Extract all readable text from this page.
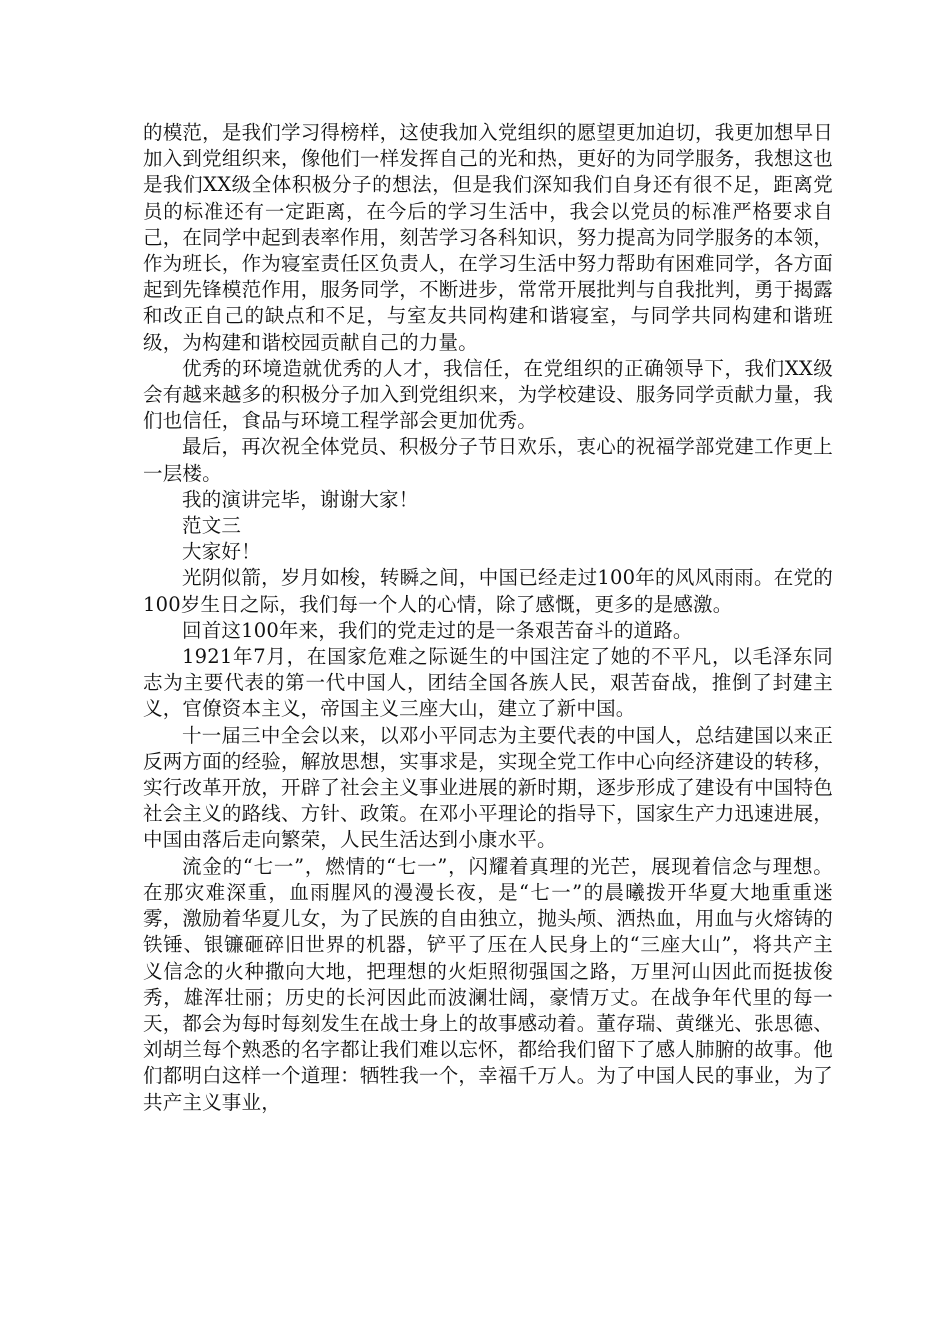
的模范，是我们学习得榜样，这使我加入党组织的愿望更加迫切，我更加想早日加入到党组织来，像他们一样发挥自己的光和热，更好的为同学服务，我想这也是我们XX级全体积极分子的想法，但是我们深知我们自身还有很不足，距离党员的标准还有一定距离，在今后的学习生活中，我会以党员的标准严格要求自己，在同学中起到表率作用，刻苦学习各科知识，努力提高为同学服务的本领，作为班长，作为寝室责任区负责人，在学习生活中努力帮助有困难同学，各方面起到先锋模范作用，服务同学，不断进步，常常开展批判与自我批判，勇于揭露和改正自己的缺点和不足，与室友共同构建和谐寝室，与同学共同构建和谐班级，为构建和谐校园贡献自己的力量。

优秀的环境造就优秀的人才，我信任，在党组织的正确领导下，我们XX级会有越来越多的积极分子加入到党组织来，为学校建设、服务同学贡献力量，我们也信任，食品与环境工程学部会更加优秀。

最后，再次祝全体党员、积极分子节日欢乐，衷心的祝福学部党建工作更上一层楼。

我的演讲完毕，谢谢大家！

范文三

大家好！

光阴似箭，岁月如梭，转瞬之间，中国已经走过100年的风风雨雨。在党的100岁生日之际，我们每一个人的心情，除了感慨，更多的是感激。

回首这100年来，我们的党走过的是一条艰苦奋斗的道路。

1921年7月，在国家危难之际诞生的中国注定了她的不平凡，以毛泽东同志为主要代表的第一代中国人，团结全国各族人民，艰苦奋战，推倒了封建主义，官僚资本主义，帝国主义三座大山，建立了新中国。

十一届三中全会以来，以邓小平同志为主要代表的中国人，总结建国以来正反两方面的经验，解放思想，实事求是，实现全党工作中心向经济建设的转移，实行改革开放，开辟了社会主义事业进展的新时期，逐步形成了建设有中国特色社会主义的路线、方针、政策。在邓小平理论的指导下，国家生产力迅速进展，中国由落后走向繁荣，人民生活达到小康水平。

流金的“七一”，燃情的“七一”，闪耀着真理的光芒，展现着信念与理想。在那灾难深重，血雨腥风的漫漫长夜，是“七一”的晨曦拨开华夏大地重重迷雾，激励着华夏儿女，为了民族的自由独立，抛头颅、洒热血，用血与火熔铸的铁锤、银镰砸碎旧世界的机器，铲平了压在人民身上的“三座大山”，将共产主义信念的火种撒向大地，把理想的火炬照彻强国之路，万里河山因此而挺拔俊秀，雄浑壮丽；历史的长河因此而波澜壮阔，豪情万丈。在战争年代里的每一天，都会为每时每刻发生在战士身上的故事感动着。董存瑞、黄继光、张思德、刘胡兰每个熟悉的名字都让我们难以忘怀，都给我们留下了感人肺腑的故事。他们都明白这样一个道理：牺牲我一个，幸福千万人。为了中国人民的事业，为了共产主义事业，
